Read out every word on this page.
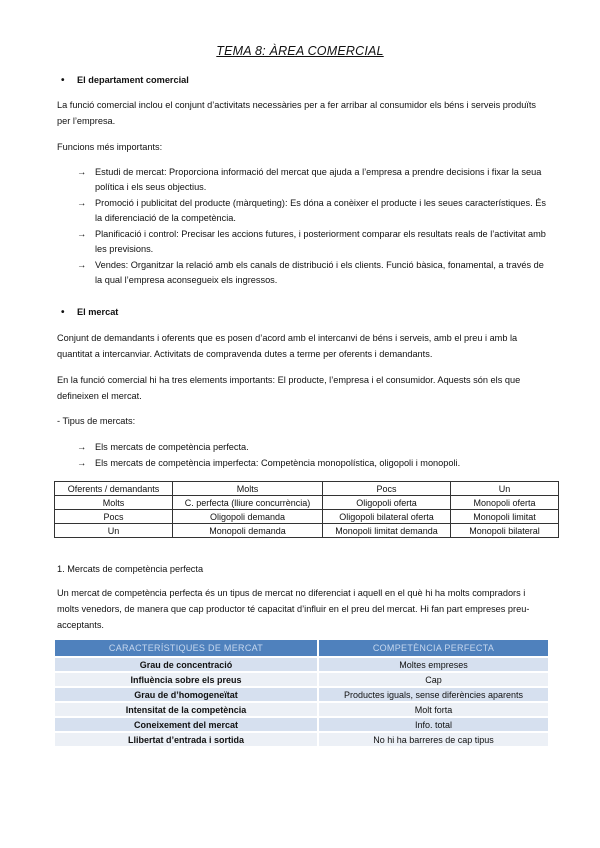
TEMA 8: ÀREA COMERCIAL
• El departament comercial
La funció comercial inclou el conjunt d’activitats necessàries per a fer arribar al consumidor els béns i serveis produïts per l’empresa.
Funcions més importants:
→ Estudi de mercat: Proporciona informació del mercat que ajuda a l’empresa a prendre decisions i fixar la seua política i els seus objectius.
→ Promoció i publicitat del producte (màrqueting): Es dóna a conèixer el producte i les seues característiques. És la diferenciació de la competència.
→ Planificació i control: Precisar les accions futures, i posteriorment comparar els resultats reals de l’activitat amb les previsions.
→ Vendes: Organitzar la relació amb els canals de distribució i els clients. Funció bàsica, fonamental, a través de la qual l’empresa aconsegueix els ingressos.
• El mercat
Conjunt de demandants i oferents que es posen d’acord amb el intercanvi de béns i serveis, amb el preu i amb la quantitat a intercanviar. Activitats de compravenda dutes a terme per oferents i demandants.
En la funció comercial hi ha tres elements importants: El producte, l’empresa i el consumidor. Aquests són els que defineixen el mercat.
- Tipus de mercats:
→ Els mercats de competència perfecta.
→ Els mercats de competència imperfecta: Competència monopolística, oligopoli i monopoli.
Oferents / demandants	Molts	Pocs	Un
Molts	C. perfecta (lliure concurrència)	Oligopoli oferta	Monopoli oferta
Pocs	Oligopoli demanda	Oligopoli bilateral oferta	Monopoli limitat
Un	Monopoli demanda	Monopoli limitat demanda	Monopoli bilateral
1. Mercats de competència perfecta
Un mercat de competència perfecta és un tipus de mercat no diferenciat i aquell en el què hi ha molts compradors i molts venedors, de manera que cap productor té capacitat d’influir en el preu del mercat. Hi fan part empreses preu-acceptants.
CARACTERÍSTIQUES DE MERCAT	COMPETÈNCIA PERFECTA
Grau de concentració	Moltes empreses
Influència sobre els preus	Cap
Grau de d’homogeneïtat	Productes iguals, sense diferències aparents
Intensitat de la competència	Molt forta
Coneixement del mercat	Info. total
Llibertat d’entrada i sortida	No hi ha barreres de cap tipus
